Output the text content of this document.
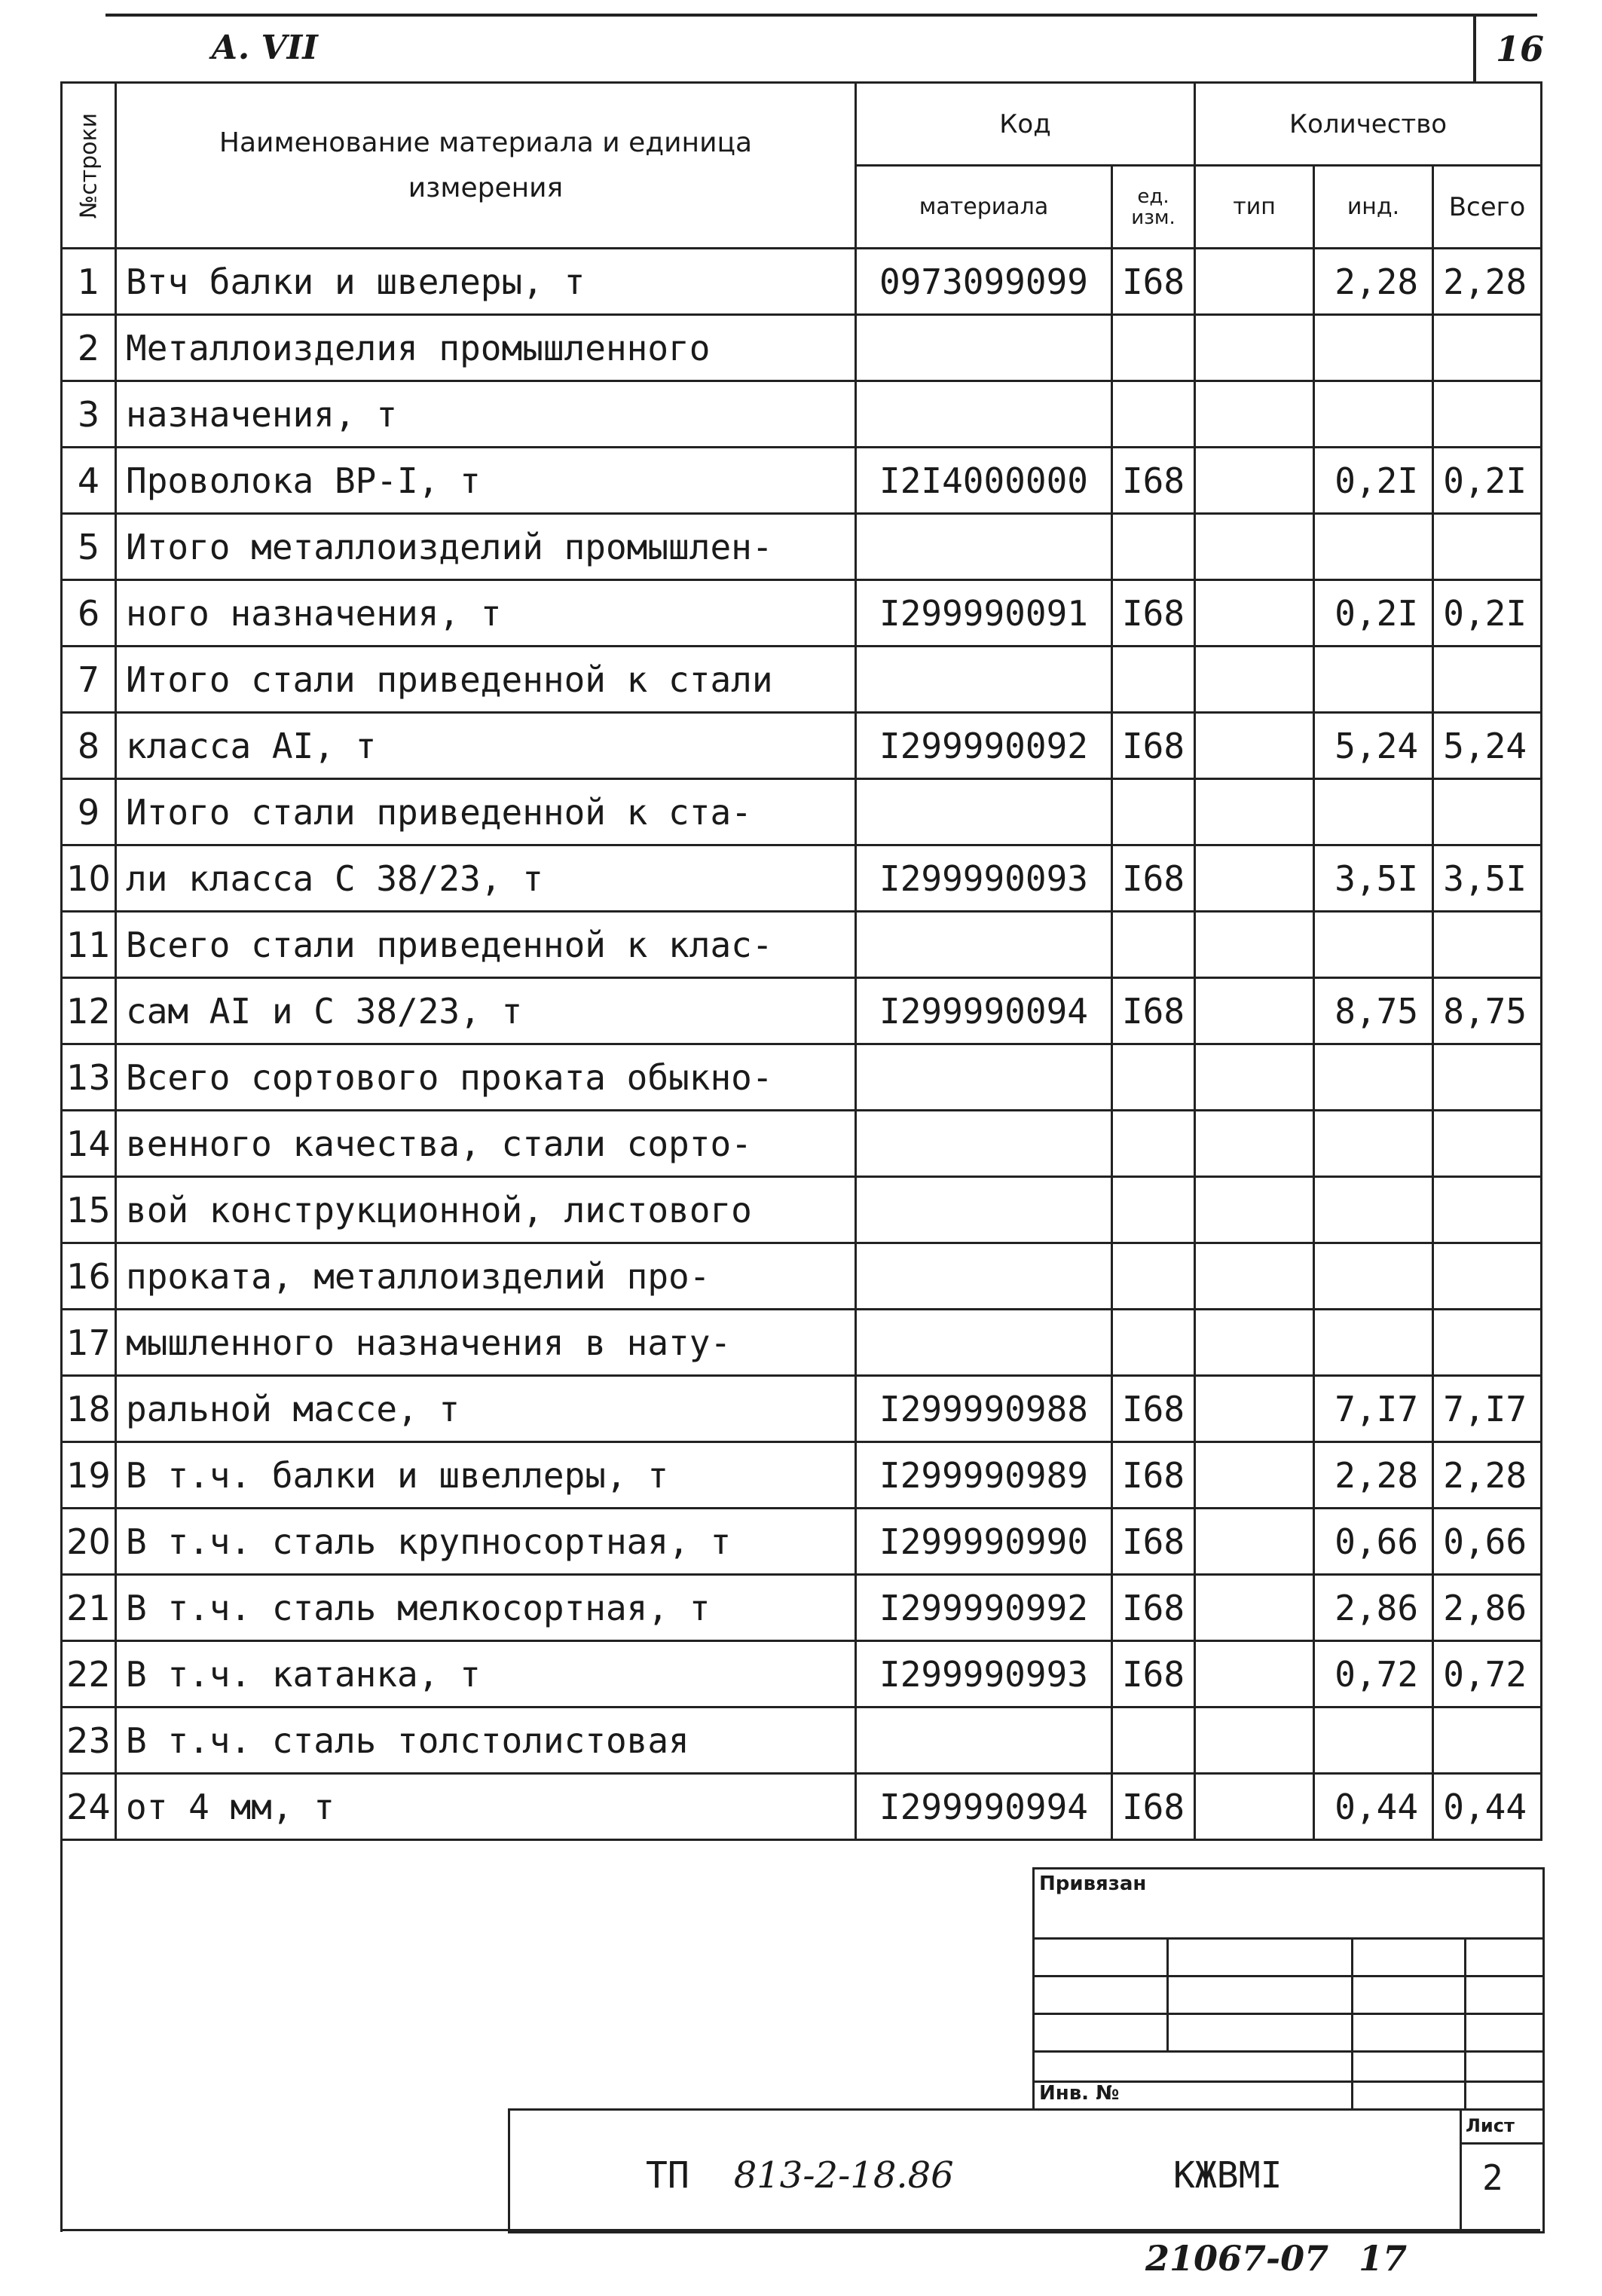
А. VII	16
№строки	Наименование материала и единица измерения	Код		Количество		
		материала	ед. изм.	тип	инд.	Всего
1	Втч балки и швелеры, т	0973099099	I68		2,28	2,28
2	Металлоизделия промышленного					
3	назначения, т					
4	Проволока ВР-I, т	I2I4000000	I68		0,2I	0,2I
5	Итого металлоизделий промышлен-					
6	ного назначения, т	I299990091	I68		0,2I	0,2I
7	Итого стали приведенной к стали					
8	класса AI, т	I299990092	I68		5,24	5,24
9	Итого стали приведенной к ста-					
10	ли класса С 38/23, т	I299990093	I68		3,5I	3,5I
11	Всего стали приведенной к клас-					
12	сам AI и С 38/23, т	I299990094	I68		8,75	8,75
13	Всего сортового проката обыкно-					
14	венного качества, стали сорто-					
15	вой конструкционной, листового					
16	проката, металлоизделий про-					
17	мышленного назначения в нату-					
18	ральной массе, т	I299990988	I68		7,I7	7,I7
19	В т.ч. балки и швеллеры, т	I299990989	I68		2,28	2,28
20	В т.ч. сталь крупносортная, т	I299990990	I68		0,66	0,66
21	В т.ч. сталь мелкосортная, т	I299990992	I68		2,86	2,86
22	В т.ч. катанка, т	I299990993	I68		0,72	0,72
23	В т.ч. сталь толстолистовая					
24	от 4 мм, т	I299990994	I68		0,44	0,44
Привязан
Инв. №
ТП 813-2-18.86	КЖВМI
Лист
2
21067-07 17
